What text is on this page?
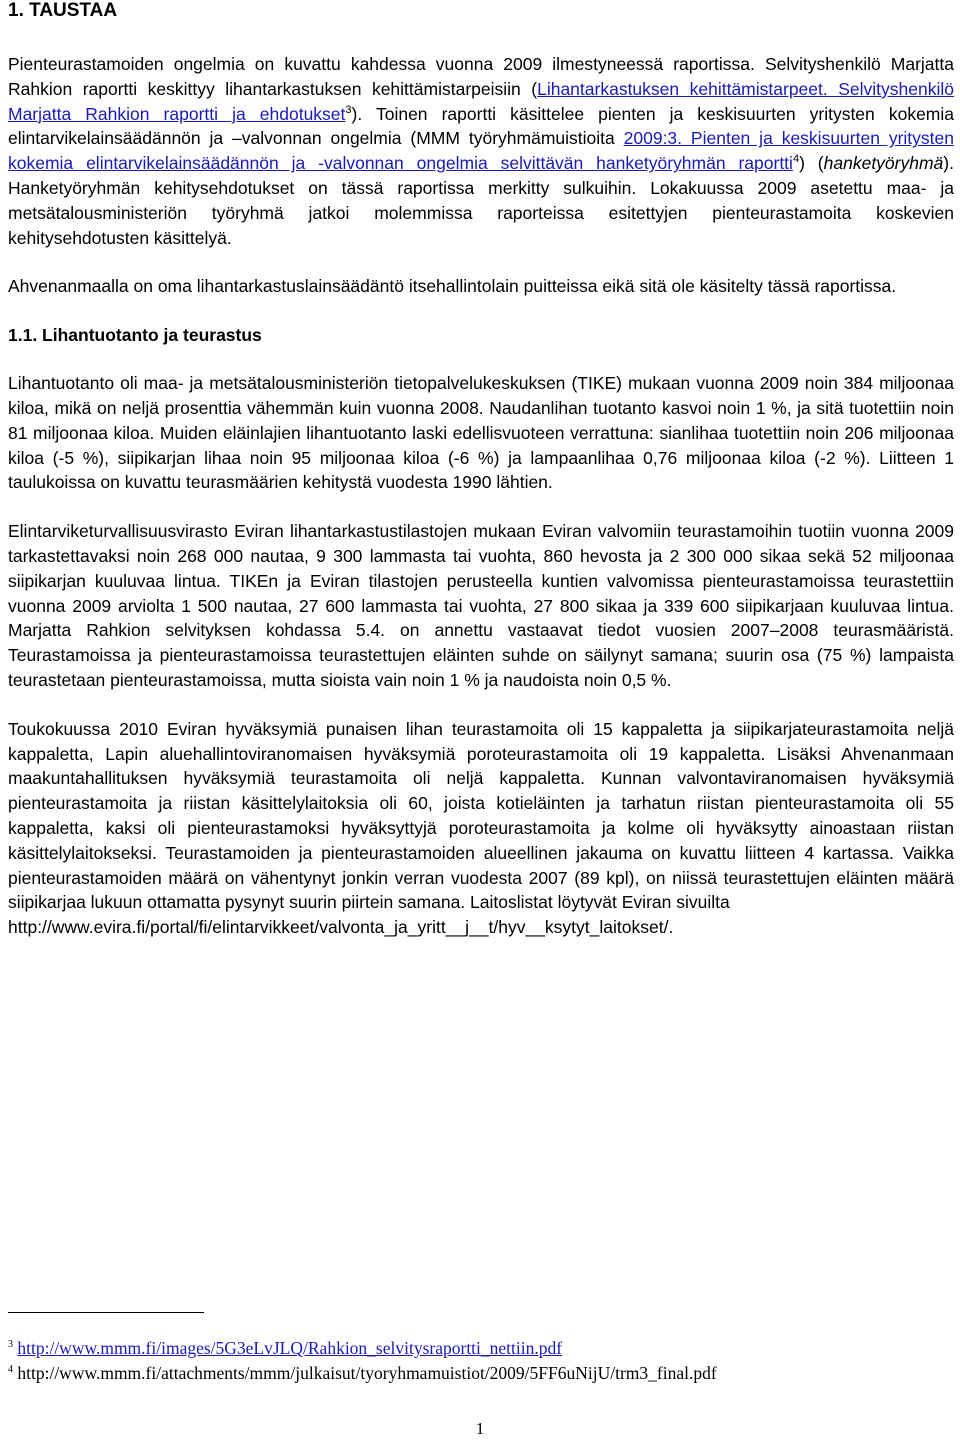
1. TAUSTAA

Pienteurastamoiden ongelmia on kuvattu kahdessa vuonna 2009 ilmestyneessä raportissa. Selvityshenkilö Marjatta Rahkion raportti keskittyy lihantarkastuksen kehittämistarpeisiin (Lihantarkastuksen kehittämistarpeet. Selvityshenkilö Marjatta Rahkion raportti ja ehdotukset$^3$). Toinen raportti käsittelee pienten ja keskisuurten yritysten kokemia elintarvikelainsäädännön ja –valvonnan ongelmia (MMM työryhmämuistioita 2009:3. Pienten ja keskisuurten yritysten kokemia elintarvikelainsäädännön ja -valvonnan ongelmia selvittävän hanketyöryhmän raportti$^4$) (hanketyöryhmä). Hanketyöryhmän kehitysehdotukset on tässä raportissa merkitty sulkuihin. Lokakuussa 2009 asetettu maa- ja metsätalousministeriön työryhmä jatkoi molemmissa raporteissa esitettyjen pienteurastamoita koskevien kehitysehdotusten käsittelyä.

Ahvenanmaalla on oma lihantarkastuslainsäädäntö itsehallintolain puitteissa eikä sitä ole käsitelty tässä raportissa.

1.1. Lihantuotanto ja teurastus

Lihantuotanto oli maa- ja metsätalousministeriön tietopalvelukeskuksen (TIKE) mukaan vuonna 2009 noin 384 miljoonaa kiloa, mikä on neljä prosenttia vähemmän kuin vuonna 2008. Naudanlihan tuotanto kasvoi noin 1 %, ja sitä tuotettiin noin 81 miljoonaa kiloa. Muiden eläinlajien lihantuotanto laski edellisvuoteen verrattuna: sianlihaa tuotettiin noin 206 miljoonaa kiloa (-5 %), siipikarjan lihaa noin 95 miljoonaa kiloa (-6 %) ja lampaanlihaa 0,76 miljoonaa kiloa (-2 %). Liitteen 1 taulukoissa on kuvattu teurasmäärien kehitystä vuodesta 1990 lähtien.

Elintarviketurvallisuusvirasto Eviran lihantarkastustilastojen mukaan Eviran valvomiin teurastamoihin tuotiin vuonna 2009 tarkastettavaksi noin 268 000 nautaa, 9 300 lammasta tai vuohta, 860 hevosta ja 2 300 000 sikaa sekä 52 miljoonaa siipikarjan kuuluvaa lintua. TIKEn ja Eviran tilastojen perusteella kuntien valvomissa pienteurastamoissa teurastettiin vuonna 2009 arviolta 1 500 nautaa, 27 600 lammasta tai vuohta, 27 800 sikaa ja 339 600 siipikarjaan kuuluvaa lintua. Marjatta Rahkion selvityksen kohdassa 5.4. on annettu vastaavat tiedot vuosien 2007–2008 teurasmääristä. Teurastamoissa ja pienteurastamoissa teurastettujen eläinten suhde on säilynyt samana; suurin osa (75 %) lampaista teurastetaan pienteurastamoissa, mutta sioista vain noin 1 % ja naudoista noin 0,5 %.

Toukokuussa 2010 Eviran hyväksymiä punaisen lihan teurastamoita oli 15 kappaletta ja siipikarjateurastamoita neljä kappaletta, Lapin aluehallintoviranomaisen hyväksymiä poroteurastamoita oli 19 kappaletta. Lisäksi Ahvenanmaan maakuntahallituksen hyväksymiä teurastamoita oli neljä kappaletta. Kunnan valvontaviranomaisen hyväksymiä pienteurastamoita ja riistan käsittelylaitoksia oli 60, joista kotieläinten ja tarhatun riistan pienteurastamoita oli 55 kappaletta, kaksi oli pienteurastamoksi hyväksyttyjä poroteurastamoita ja kolme oli hyväksytty ainoastaan riistan käsittelylaitokseksi. Teurastamoiden ja pienteurastamoiden alueellinen jakauma on kuvattu liitteen 4 kartassa. Vaikka pienteurastamoiden määrä on vähentynyt jonkin verran vuodesta 2007 (89 kpl), on niissä teurastettujen eläinten määrä siipikarjaa lukuun ottamatta pysynyt suurin piirtein samana. Laitoslistat löytyvät Eviran sivuilta
http://www.evira.fi/portal/fi/elintarvikkeet/valvonta_ja_yritt__j__t/hyv__ksytyt_laitokset/.

$^3$ http://www.mmm.fi/images/5G3eLvJLQ/Rahkion_selvitysraportti_nettiin.pdf

$^4$ http://www.mmm.fi/attachments/mmm/julkaisut/tyoryhmamuistiot/2009/5FF6uNijU/trm3_final.pdf

1
